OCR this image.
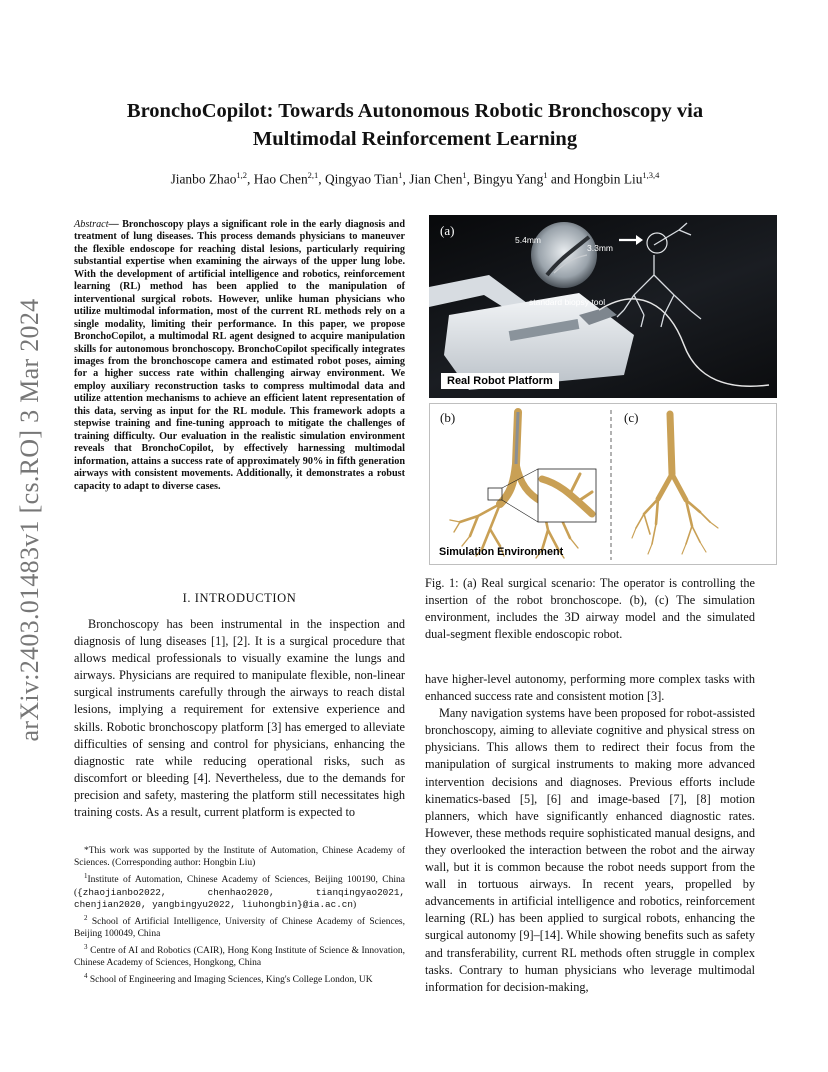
arXiv:2403.01483v1 [cs.RO] 3 Mar 2024
BronchoCopilot: Towards Autonomous Robotic Bronchoscopy via Multimodal Reinforcement Learning

Jianbo Zhao$^{1,2}$, Hao Chen$^{2,1}$, Qingyao Tian$^1$, Jian Chen$^1$, Bingyu Yang$^1$ and Hongbin Liu$^{1,3,4}$

Abstract— Bronchoscopy plays a significant role in the early diagnosis and treatment of lung diseases. This process demands physicians to maneuver the flexible endoscope for reaching distal lesions, particularly requiring substantial expertise when examining the airways of the upper lung lobe. With the development of artificial intelligence and robotics, reinforcement learning (RL) method has been applied to the manipulation of interventional surgical robots. However, unlike human physicians who utilize multimodal information, most of the current RL methods rely on a single modality, limiting their performance. In this paper, we propose BronchoCopilot, a multimodal RL agent designed to acquire manipulation skills for autonomous bronchoscopy. BronchoCopilot specifically integrates images from the bronchoscope camera and estimated robot poses, aiming for a higher success rate within challenging airway environment. We employ auxiliary reconstruction tasks to compress multimodal data and utilize attention mechanisms to achieve an efficient latent representation of this data, serving as input for the RL module. This framework adopts a stepwise training and fine-tuning approach to mitigate the challenges of training difficulty. Our evaluation in the realistic simulation environment reveals that BronchoCopilot, by effectively harnessing multimodal information, attains a success rate of approximately 90% in fifth generation airways with consistent movements. Additionally, it demonstrates a robust capacity to adapt to diverse cases.

I. INTRODUCTION

Bronchoscopy has been instrumental in the inspection and diagnosis of lung diseases [1], [2]. It is a surgical procedure that allows medical professionals to visually examine the lungs and airways. Physicians are required to manipulate flexible, non-linear surgical instruments carefully through the airways to reach distal lesions, implying a requirement for extensive experience and skills. Robotic bronchoscopy platform [3] has emerged to alleviate difficulties of sensing and control for physicians, enhancing the diagnostic rate while reducing operational risks, such as discomfort or bleeding [4]. Nevertheless, due to the demands for precision and safety, mastering the platform still necessitates high training costs. As a result, current platform is expected to

*This work was supported by the Institute of Automation, Chinese Academy of Sciences. (Corresponding author: Hongbin Liu)

$^1$Institute of Automation, Chinese Academy of Sciences, Beijing 100190, China ({zhaojianbo2022, chenhao2020, tianqingyao2021, chenjian2020, yangbingyu2022, liuhongbin}@ia.ac.cn)

$^2$ School of Artificial Intelligence, University of Chinese Academy of Sciences, Beijing 100049, China

$^3$ Centre of AI and Robotics (CAIR), Hong Kong Institute of Science & Innovation, Chinese Academy of Sciences, Hongkong, China

$^4$ School of Engineering and Imaging Sciences, King's College London, UK

(a)
5.4mm
3.3mm
standard biopsy tool
Real Robot Platform
(b)	(c)
Simulation Environment

Fig. 1: (a) Real surgical scenario: The operator is controlling the insertion of the robot bronchoscope. (b), (c) The simulation environment, includes the 3D airway model and the simulated dual-segment flexible endoscopic robot.

have higher-level autonomy, performing more complex tasks with enhanced success rate and consistent motion [3].

Many navigation systems have been proposed for robot-assisted bronchoscopy, aiming to alleviate cognitive and physical stress on physicians. This allows them to redirect their focus from the manipulation of surgical instruments to making more advanced intervention decisions and diagnoses. Previous efforts include kinematics-based [5], [6] and image-based [7], [8] motion planners, which have significantly enhanced diagnostic rates. However, these methods require sophisticated manual designs, and they overlooked the interaction between the robot and the airway wall, but it is common because the robot needs support from the wall in tortuous airways. In recent years, propelled by advancements in artificial intelligence and robotics, reinforcement learning (RL) has been applied to surgical robots, enhancing the surgical autonomy [9]–[14]. While showing benefits such as safety and transferability, current RL methods often struggle in complex tasks. Contrary to human physicians who leverage multimodal information for decision-making,
